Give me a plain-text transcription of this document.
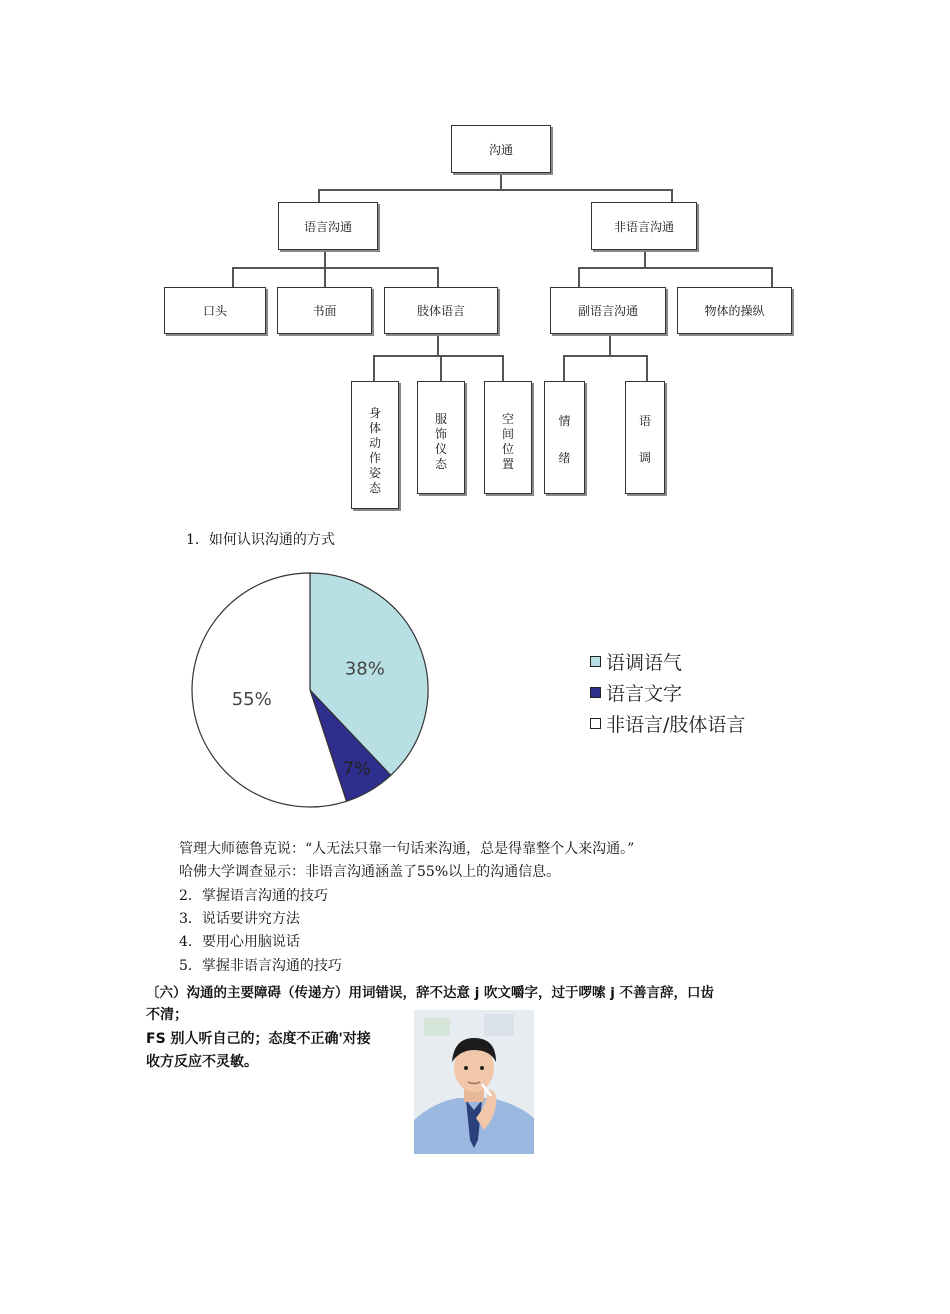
沟通
语言沟通	非语言沟通
口头	书面	肢体语言	副语言沟通	物体的操纵
身
体
动
作
姿
态
服
饰
仪
态
空
间
位
置
情
绪
语
调
1．如何认识沟通的方式
38%
7%
55%
语调语气
语言文字
非语言/肢体语言
管理大师德鲁克说：“人无法只靠一句话来沟通，总是得靠整个人来沟通。”
哈佛大学调查显示：非语言沟通涵盖了55%以上的沟通信息。
2．掌握语言沟通的技巧
3．说话要讲究方法
4．要用心用脑说话
5．掌握非语言沟通的技巧
〔六）沟通的主要障碍（传递方）用词错误，辞不达意 j 吹文嚼字，过于啰嗦 j 不善言辞，口齿
不清；
FS 别人听自己的；态度不正确'对接
收方反应不灵敏。
